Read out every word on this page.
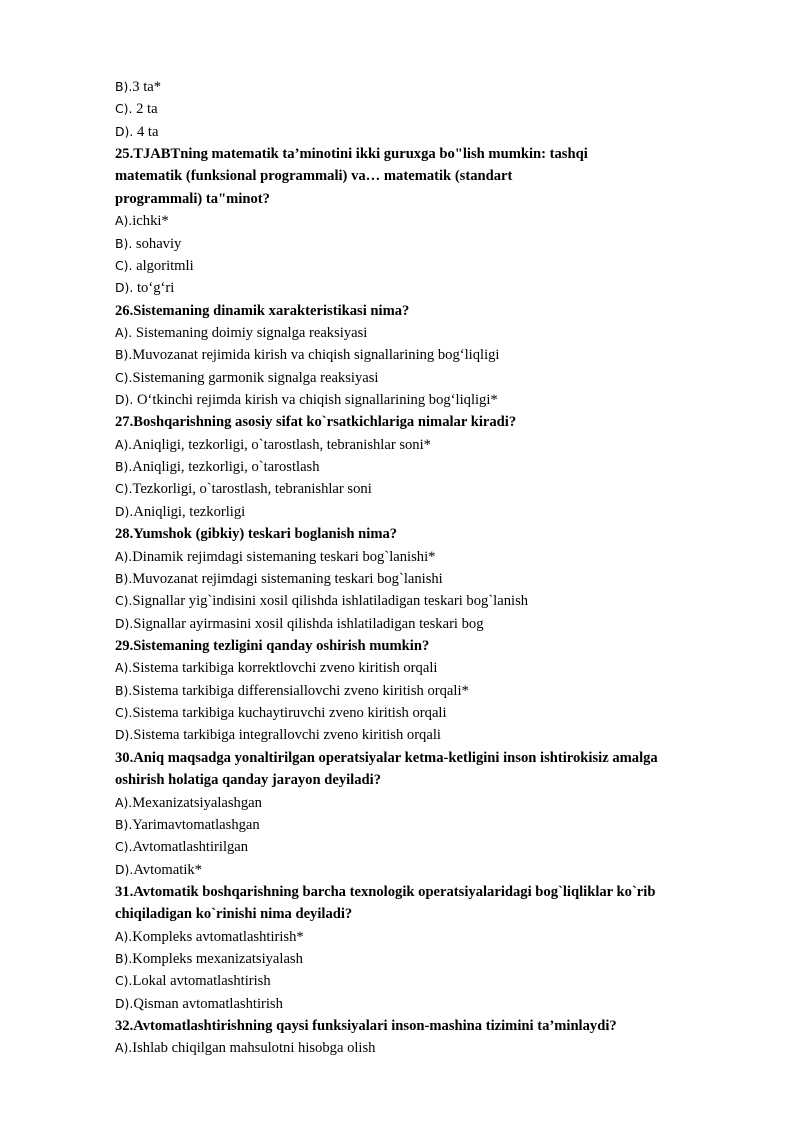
B).3 ta*
C). 2 ta
D). 4 ta
25.TJABTning matematik ta’minotini ikki guruxga bo"lish mumkin: tashqi
matematik (funksional programmali) va… matematik (standart
programmali) ta"minot?
A).ichki*
B). sohaviy
C). algoritmli
D). to‘g‘ri
26.Sistemaning dinamik xarakteristikasi nima?
A). Sistemaning doimiy signalga reaksiyasi
B).Muvozanat rejimida kirish va chiqish signallarining bog‘liqligi
C).Sistemaning garmonik signalga reaksiyasi
D). O‘tkinchi rejimda kirish va chiqish signallarining bog‘liqligi*
27.Boshqarishning asosiy sifat ko`rsatkichlariga nimalar kiradi?
A).Aniqligi, tezkorligi, o`tarostlash, tebranishlar soni*
B).Aniqligi, tezkorligi, o`tarostlash
C).Tezkorligi, o`tarostlash, tebranishlar soni
D).Aniqligi, tezkorligi
28.Yumshok (gibkiy) teskari boglanish nima?
A).Dinamik rejimdagi sistemaning teskari bog`lanishi*
B).Muvozanat rejimdagi sistemaning teskari bog`lanishi
C).Signallar yig`indisini xosil qilishda ishlatiladigan teskari bog`lanish
D).Signallar ayirmasini xosil qilishda ishlatiladigan teskari bog
29.Sistemaning tezligini qanday oshirish mumkin?
A).Sistema tarkibiga korrektlovchi zveno kiritish orqali
B).Sistema tarkibiga differensiallovchi zveno kiritish orqali*
C).Sistema tarkibiga kuchaytiruvchi zveno kiritish orqali
D).Sistema tarkibiga integrallovchi zveno kiritish orqali
30.Aniq maqsadga yonaltirilgan operatsiyalar ketma-ketligini inson ishtirokisiz amalga
oshirish holatiga qanday jarayon deyiladi?
A).Mexanizatsiyalashgan
B).Yarimavtomatlashgan
C).Avtomatlashtirilgan
D).Avtomatik*
31.Avtomatik boshqarishning barcha texnologik operatsiyalaridagi bog`liqliklar ko`rib
chiqiladigan ko`rinishi nima deyiladi?
A).Kompleks avtomatlashtirish*
B).Kompleks mexanizatsiyalash
C).Lokal avtomatlashtirish
D).Qisman avtomatlashtirish
32.Avtomatlashtirishning qaysi funksiyalari inson-mashina tizimini ta’minlaydi?
A).Ishlab chiqilgan mahsulotni hisobga olish
